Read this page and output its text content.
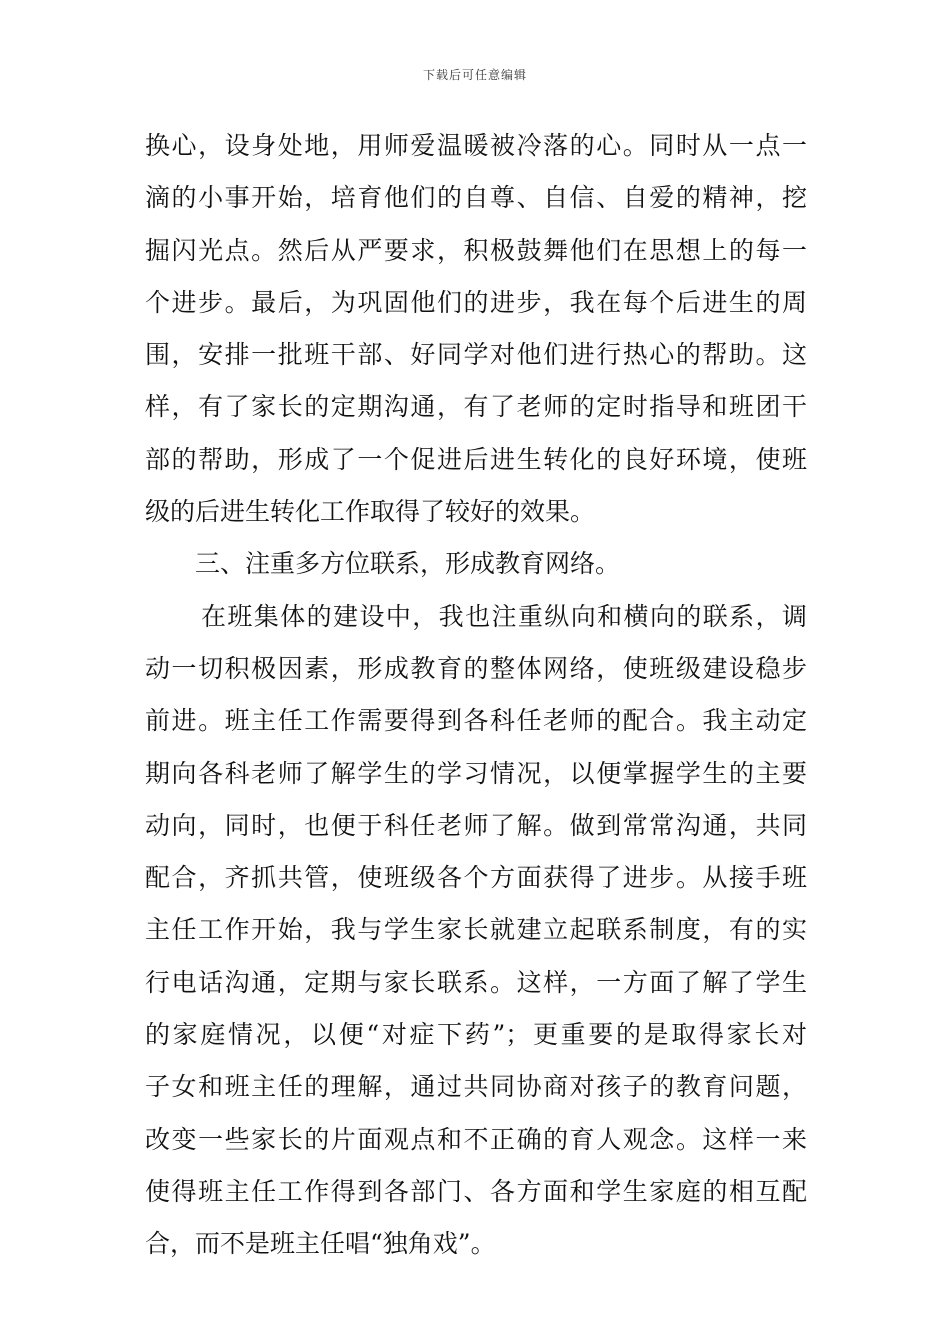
下载后可任意编辑
换心，设身处地，用师爱温暖被冷落的心。同时从一点一
滴的小事开始，培育他们的自尊、自信、自爱的精神，挖
掘闪光点。然后从严要求，积极鼓舞他们在思想上的每一
个进步。最后，为巩固他们的进步，我在每个后进生的周
围，安排一批班干部、好同学对他们进行热心的帮助。这
样，有了家长的定期沟通，有了老师的定时指导和班团干
部的帮助，形成了一个促进后进生转化的良好环境，使班
级的后进生转化工作取得了较好的效果。
三、注重多方位联系，形成教育网络。
在班集体的建设中，我也注重纵向和横向的联系，调
动一切积极因素，形成教育的整体网络，使班级建设稳步
前进。班主任工作需要得到各科任老师的配合。我主动定
期向各科老师了解学生的学习情况，以便掌握学生的主要
动向，同时，也便于科任老师了解。做到常常沟通，共同
配合，齐抓共管，使班级各个方面获得了进步。从接手班
主任工作开始，我与学生家长就建立起联系制度，有的实
行电话沟通，定期与家长联系。这样，一方面了解了学生
的家庭情况，以便“对症下药”；更重要的是取得家长对
子女和班主任的理解，通过共同协商对孩子的教育问题，
改变一些家长的片面观点和不正确的育人观念。这样一来
使得班主任工作得到各部门、各方面和学生家庭的相互配
合，而不是班主任唱“独角戏”。
